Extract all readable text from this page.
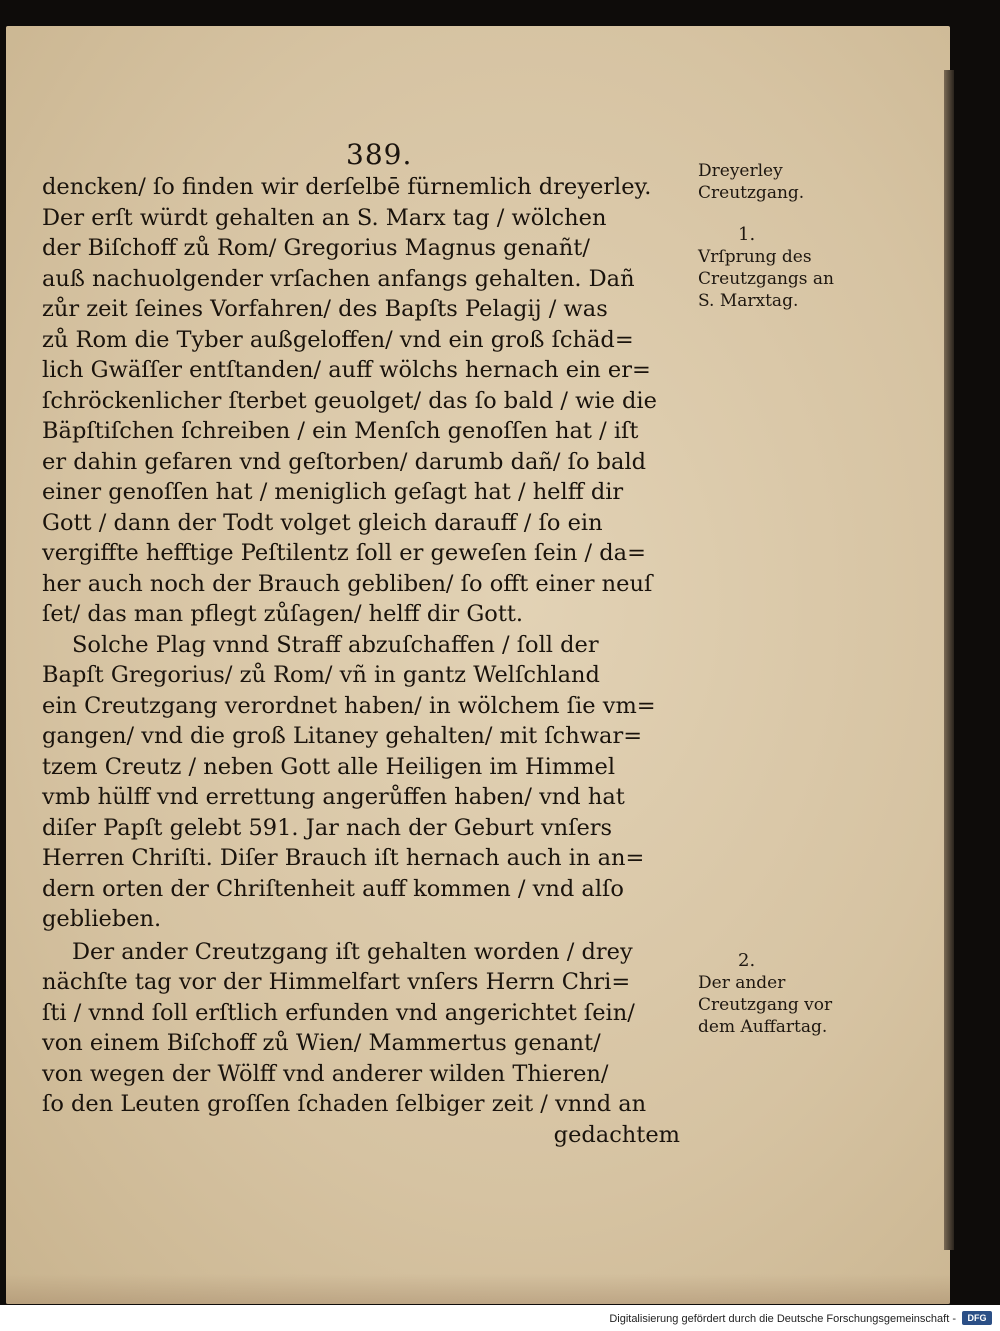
389.
dencken/ ſo finden wir derſelbē fürnemlich dreyerley.
Der erſt würdt gehalten an S. Marx tag / wölchen
der Biſchoff zů Rom/ Gregorius Magnus genañt/
auß nachuolgender vrſachen anfangs gehalten. Dañ
zůr zeit ſeines Vorfahren/ des Bapſts Pelagij / was
zů Rom die Tyber außgeloffen/ vnd ein groß ſchäd=
lich Gwäſſer entſtanden/ auff wölchs hernach ein er=
ſchröckenlicher ſterbet geuolget/ das ſo bald / wie die
Bäpſtiſchen ſchreiben / ein Menſch genoſſen hat / iſt
er dahin gefaren vnd geſtorben/ darumb dañ/ ſo bald
einer genoſſen hat / meniglich geſagt hat / helff dir
Gott / dann der Todt volget gleich darauff / ſo ein
vergiffte hefftige Peſtilentz ſoll er geweſen ſein / da=
her auch noch der Brauch gebliben/ ſo offt einer neuſ
ſet/ das man pflegt zůſagen/ helff dir Gott.
Solche Plag vnnd Straff abzuſchaffen / ſoll der
Bapſt Gregorius/ zů Rom/ vñ in gantz Welſchland
ein Creutzgang verordnet haben/ in wölchem ſie vm=
gangen/ vnd die groß Litaney gehalten/ mit ſchwar=
tzem Creutz / neben Gott alle Heiligen im Himmel
vmb hülff vnd errettung angerůffen haben/ vnd hat
diſer Papſt gelebt 591. Jar nach der Geburt vnſers
Herren Chriſti. Diſer Brauch iſt hernach auch in an=
dern orten der Chriſtenheit auff kommen / vnd alſo
geblieben.
Der ander Creutzgang iſt gehalten worden / drey
nächſte tag vor der Himmelfart vnſers Herrn Chri=
ſti / vnnd ſoll erſtlich erfunden vnd angerichtet ſein/
von einem Biſchoff zů Wien/ Mammertus genant/
von wegen der Wölff vnd anderer wilden Thieren/
ſo den Leuten groſſen ſchaden ſelbiger zeit / vnnd an
gedachtem
Dreyerley
Creutzgang.
1.
Vrſprung des
Creutzgangs an
S. Marxtag.
2.
Der ander
Creutzgang vor
dem Auffartag.
Digitalisierung gefördert durch die Deutsche Forschungsgemeinschaft -	DFG
